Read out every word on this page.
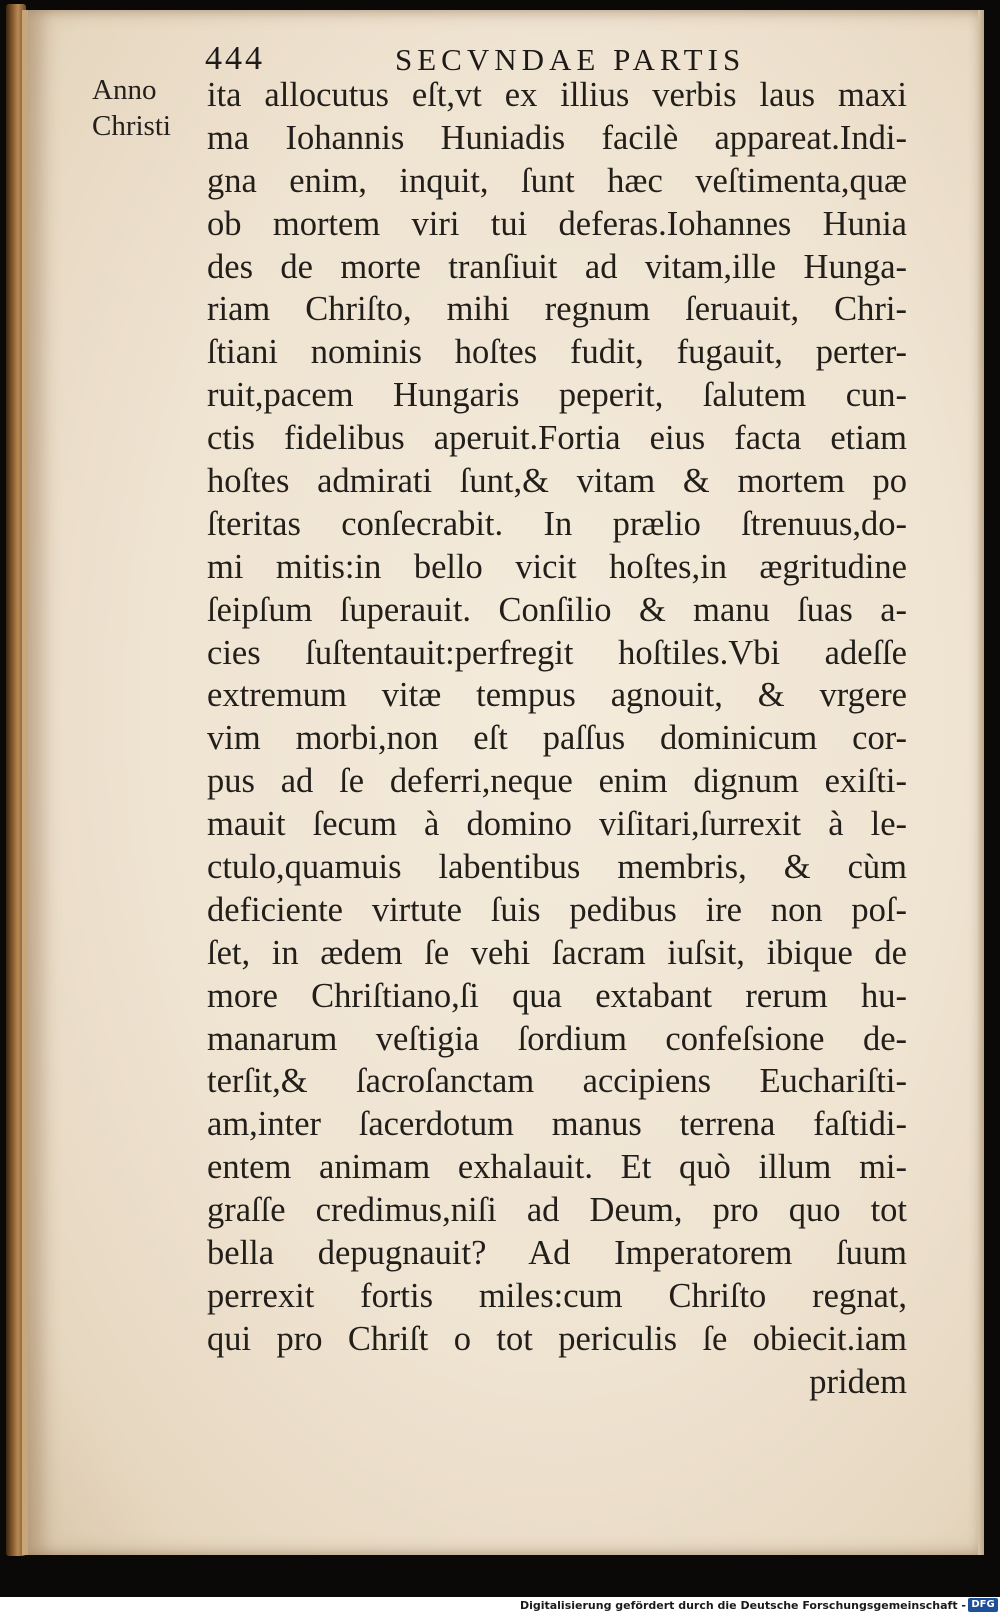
444	SECVNDAE PARTIS
Anno
Christi
ita allocutus eſt,vt ex illius verbis laus maxi
ma Iohannis Huniadis facilè appareat.Indi-
gna enim, inquit, ſunt hæc veſtimenta,quæ
ob mortem viri tui deferas.Iohannes Hunia
des de morte tranſiuit ad vitam,ille Hunga-
riam Chriſto, mihi regnum ſeruauit, Chri-
ſtiani nominis hoſtes fudit, fugauit, perter-
ruit,pacem Hungaris peperit, ſalutem cun-
ctis fidelibus aperuit.Fortia eius facta etiam
hoſtes admirati ſunt,& vitam & mortem po
ſteritas conſecrabit. In prælio ſtrenuus,do-
mi mitis:in bello vicit hoſtes,in ægritudine
ſeipſum ſuperauit. Conſilio & manu ſuas a-
cies ſuſtentauit:perfregit hoſtiles.Vbi adeſſe
extremum vitæ tempus agnouit, & vrgere
vim morbi,non eſt paſſus dominicum cor-
pus ad ſe deferri,neque enim dignum exiſti-
mauit ſecum à domino viſitari,ſurrexit à le-
ctulo,quamuis labentibus membris, & cùm
deficiente virtute ſuis pedibus ire non poſ-
ſet, in ædem ſe vehi ſacram iuſsit, ibique de
more Chriſtiano,ſi qua extabant rerum hu-
manarum veſtigia ſordium confeſsione de-
terſit,& ſacroſanctam accipiens Euchariſti-
am,inter ſacerdotum manus terrena faſtidi-
entem animam exhalauit. Et quò illum mi-
graſſe credimus,niſi ad Deum, pro quo tot
bella depugnauit? Ad Imperatorem ſuum
perrexit fortis miles:cum Chriſto regnat,
qui pro Chriſt o tot periculis ſe obiecit.iam
pridem
Digitalisierung gefördert durch die Deutsche Forschungsgemeinschaft - DFG
